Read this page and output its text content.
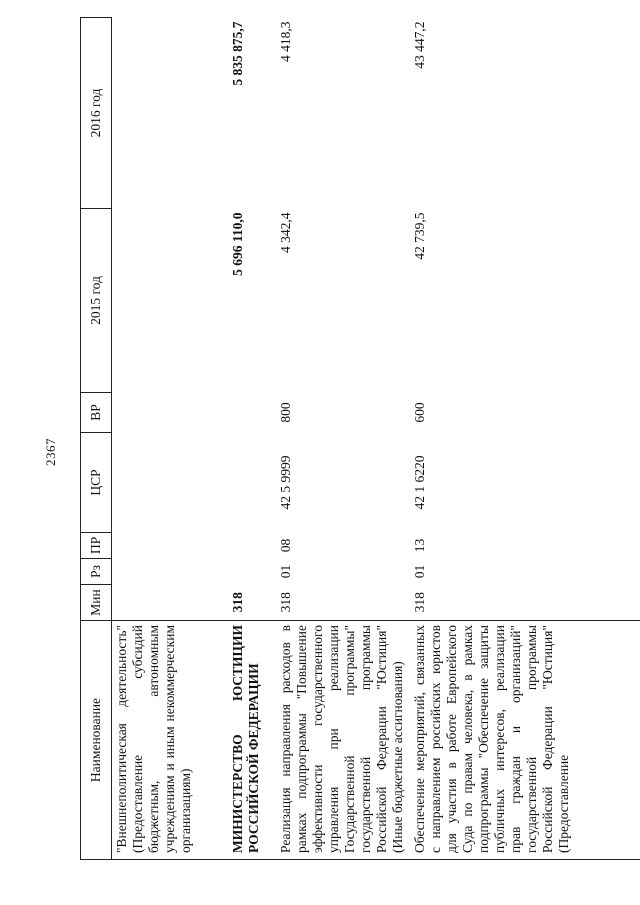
2367
Наименование	Мин	Рз	ПР	ЦСР	ВР	2015 год	2016 год
"Внешнеполитическая деятельность" (Предоставление субсидий бюджетным, автономным учреждениям и иным некоммерческим организациям)							
МИНИСТЕРСТВО ЮСТИЦИИ РОССИЙСКОЙ ФЕДЕРАЦИИ	318					5 696 110,0	5 835 875,7
Реализация направления расходов в рамках подпрограммы "Повышение эффективности государственного управления при реализации Государственной программы" государственной программы Российской Федерации "Юстиция" (Иные бюджетные ассигнования)	318	01	08	42 5 9999	800	4 342,4	4 418,3
Обеспечение мероприятий, связанных с направлением российских юристов для участия в работе Европейского Суда по правам человека, в рамках подпрограммы "Обеспечение защиты публичных интересов, реализации прав граждан и организаций" государственной программы Российской Федерации "Юстиция" (Предоставление	318	01	13	42 1 6220	600	42 739,5	43 447,2
